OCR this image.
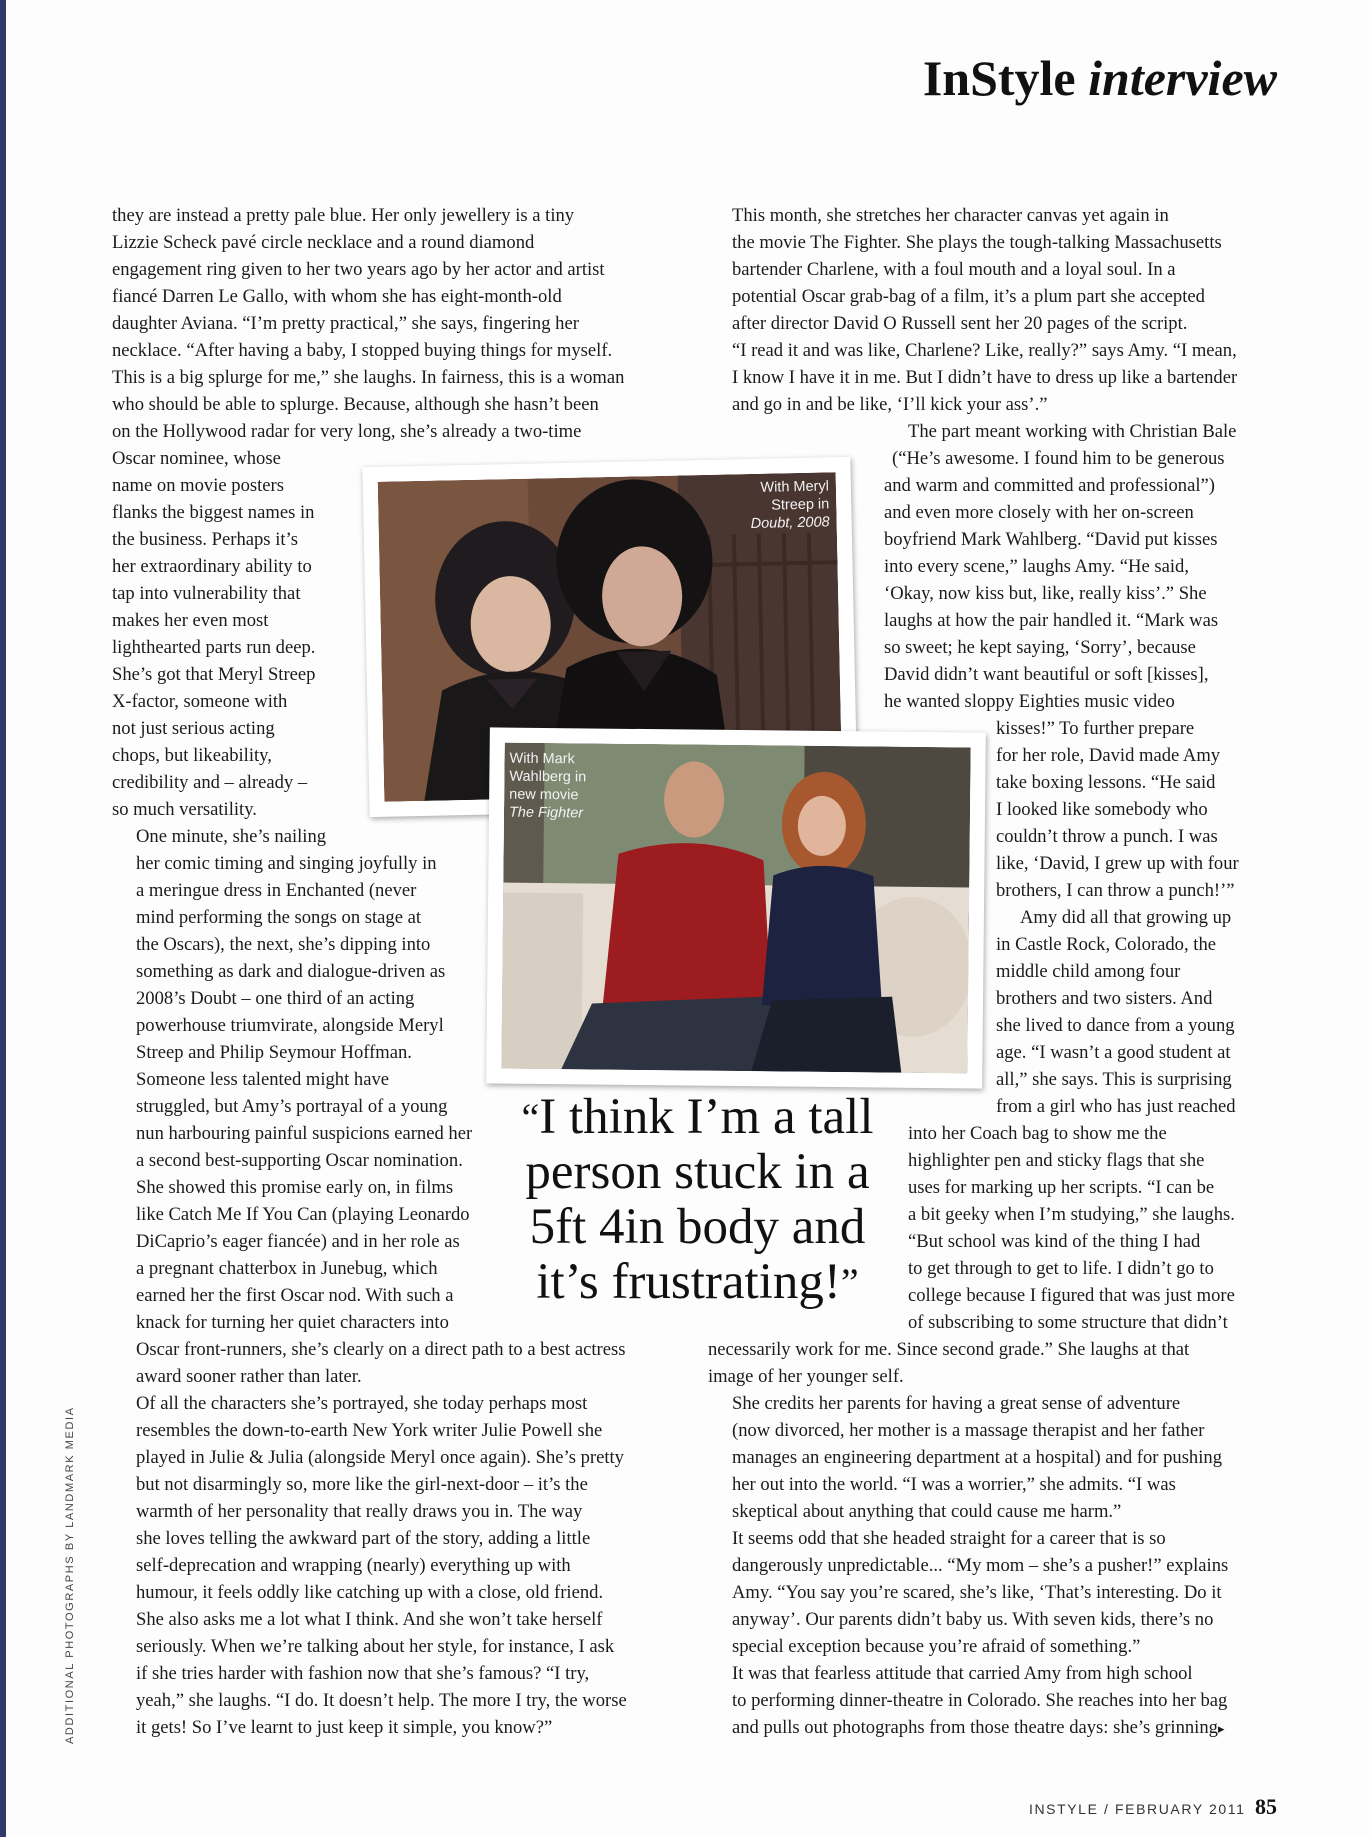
InStyle interview

they are instead a pretty pale blue. Her only jewellery is a tiny
Lizzie Scheck pavé circle necklace and a round diamond
engagement ring given to her two years ago by her actor and artist
fiancé Darren Le Gallo, with whom she has eight-month-old
daughter Aviana. “I’m pretty practical,” she says, fingering her
necklace. “After having a baby, I stopped buying things for myself.
This is a big splurge for me,” she laughs. In fairness, this is a woman
who should be able to splurge. Because, although she hasn’t been
on the Hollywood radar for very long, she’s already a two-time
Oscar nominee, whose
name on movie posters
flanks the biggest names in
the business. Perhaps it’s
her extraordinary ability to
tap into vulnerability that
makes her even most
lighthearted parts run deep.
She’s got that Meryl Streep
X-factor, someone with
not just serious acting
chops, but likeability,
credibility and – already –
so much versatility.

One minute, she’s nailing
her comic timing and singing joyfully in
a meringue dress in Enchanted (never
mind performing the songs on stage at
the Oscars), the next, she’s dipping into
something as dark and dialogue-driven as
2008’s Doubt – one third of an acting
powerhouse triumvirate, alongside Meryl
Streep and Philip Seymour Hoffman.
Someone less talented might have
struggled, but Amy’s portrayal of a young
nun harbouring painful suspicions earned her
a second best-supporting Oscar nomination.

She showed this promise early on, in films
like Catch Me If You Can (playing Leonardo
DiCaprio’s eager fiancée) and in her role as
a pregnant chatterbox in Junebug, which
earned her the first Oscar nod. With such a
knack for turning her quiet characters into
Oscar front-runners, she’s clearly on a direct path to a best actress
award sooner rather than later.

Of all the characters she’s portrayed, she today perhaps most
resembles the down-to-earth New York writer Julie Powell she
played in Julie & Julia (alongside Meryl once again). She’s pretty
but not disarmingly so, more like the girl-next-door – it’s the
warmth of her personality that really draws you in. The way
she loves telling the awkward part of the story, adding a little
self-deprecation and wrapping (nearly) everything up with
humour, it feels oddly like catching up with a close, old friend.
She also asks me a lot what I think. And she won’t take herself
seriously. When we’re talking about her style, for instance, I ask
if she tries harder with fashion now that she’s famous? “I try,
yeah,” she laughs. “I do. It doesn’t help. The more I try, the worse
it gets! So I’ve learnt to just keep it simple, you know?”

This month, she stretches her character canvas yet again in
the movie The Fighter. She plays the tough-talking Massachusetts
bartender Charlene, with a foul mouth and a loyal soul. In a
potential Oscar grab-bag of a film, it’s a plum part she accepted
after director David O Russell sent her 20 pages of the script.
“I read it and was like, Charlene? Like, really?” says Amy. “I mean,
I know I have it in me. But I didn’t have to dress up like a bartender
and go in and be like, ‘I’ll kick your ass’.”

The part meant working with Christian Bale
(“He’s awesome. I found him to be generous
and warm and committed and professional”)
and even more closely with her on-screen
boyfriend Mark Wahlberg. “David put kisses
into every scene,” laughs Amy. “He said,
‘Okay, now kiss but, like, really kiss’.” She
laughs at how the pair handled it. “Mark was
so sweet; he kept saying, ‘Sorry’, because
David didn’t want beautiful or soft [kisses],
he wanted sloppy Eighties music video
kisses!” To further prepare
for her role, David made Amy
take boxing lessons. “He said
I looked like somebody who
couldn’t throw a punch. I was
like, ‘David, I grew up with four
brothers, I can throw a punch!’”

Amy did all that growing up
in Castle Rock, Colorado, the
middle child among four
brothers and two sisters. And
she lived to dance from a young
age. “I wasn’t a good student at
all,” she says. This is surprising
from a girl who has just reached
into her Coach bag to show me the
highlighter pen and sticky flags that she
uses for marking up her scripts. “I can be
a bit geeky when I’m studying,” she laughs.
“But school was kind of the thing I had
to get through to get to life. I didn’t go to
college because I figured that was just more
of subscribing to some structure that didn’t
necessarily work for me. Since second grade.” She laughs at that
image of her younger self.

She credits her parents for having a great sense of adventure
(now divorced, her mother is a massage therapist and her father
manages an engineering department at a hospital) and for pushing
her out into the world. “I was a worrier,” she admits. “I was
skeptical about anything that could cause me harm.”

It seems odd that she headed straight for a career that is so
dangerously unpredictable... “My mom – she’s a pusher!” explains
Amy. “You say you’re scared, she’s like, ‘That’s interesting. Do it
anyway’. Our parents didn’t baby us. With seven kids, there’s no
special exception because you’re afraid of something.”

It was that fearless attitude that carried Amy from high school
to performing dinner-theatre in Colorado. She reaches into her bag
and pulls out photographs from those theatre days: she’s grinning▸

With Meryl
Streep in
Doubt, 2008
With Mark
Wahlberg in
new movie
The Fighter
“I think I’m a tall
person stuck in a
5ft 4in body and
it’s frustrating!”
ADDITIONAL PHOTOGRAPHS BY LANDMARK MEDIA
INSTYLE / FEBRUARY 2011 85
